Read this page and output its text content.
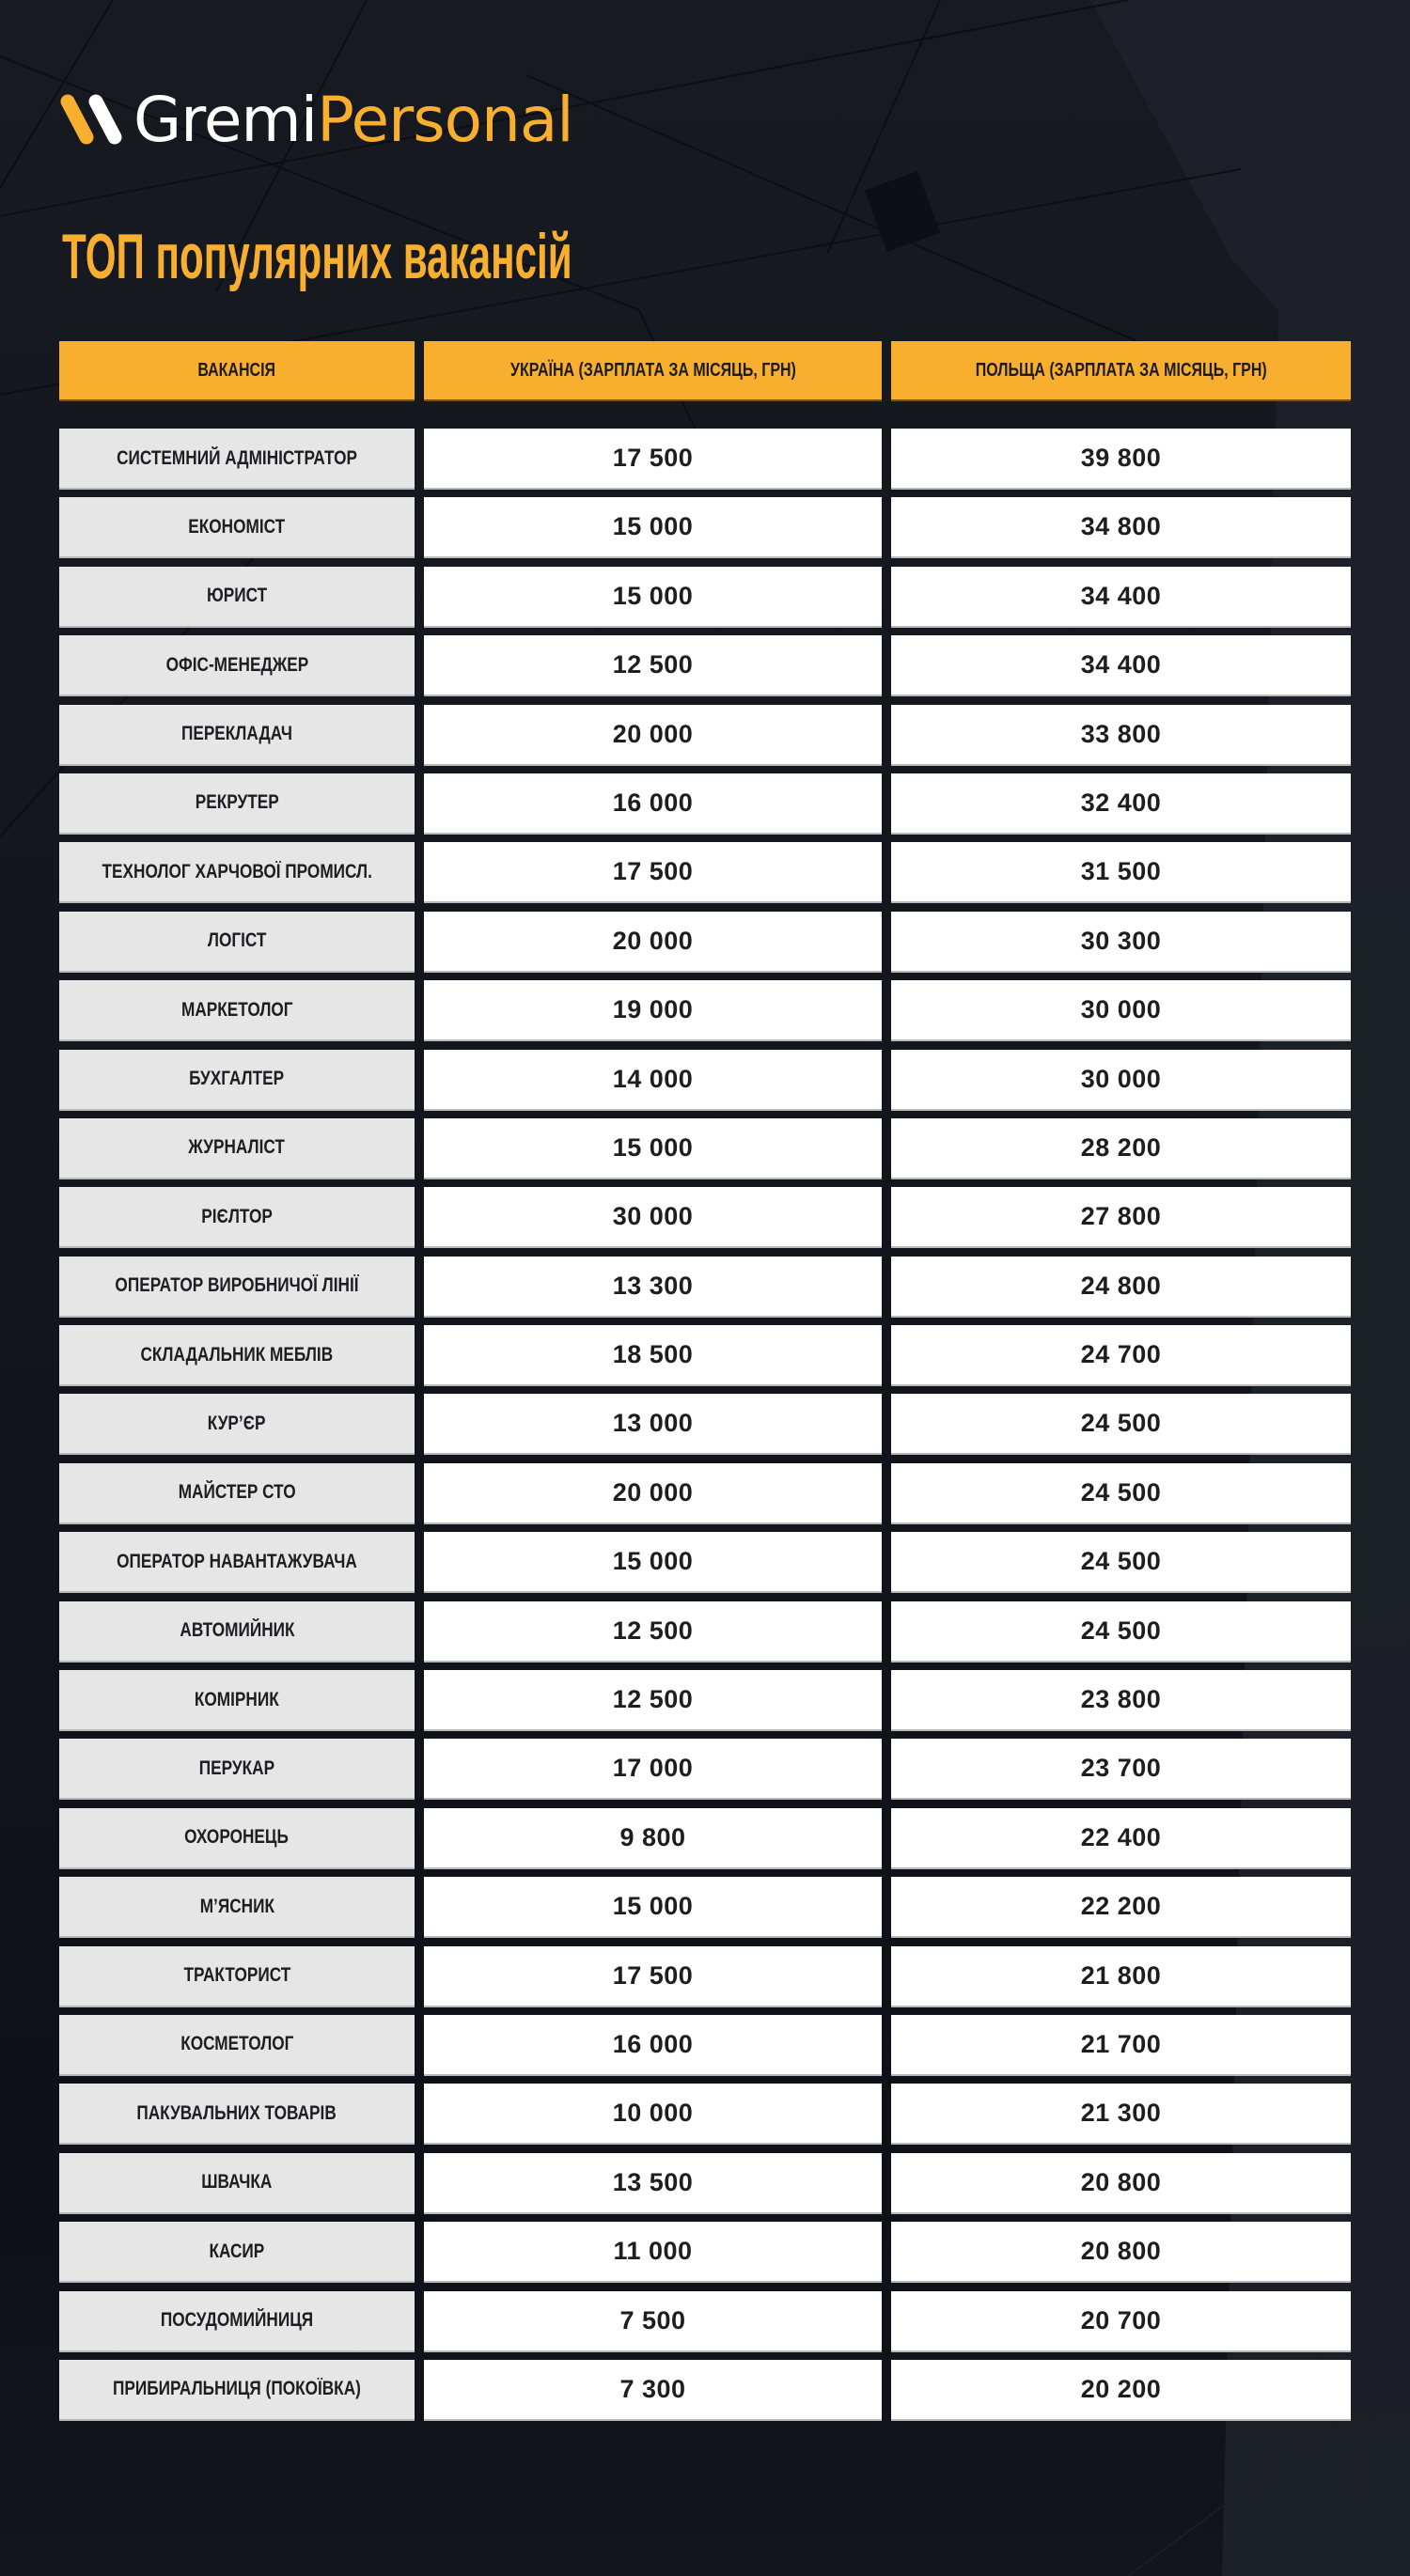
GremiPersonal
ТОП популярних вакансій
ВАКАНСІЯ	УКРАЇНА (ЗАРПЛАТА ЗА МІСЯЦЬ, ГРН)	ПОЛЬЩА (ЗАРПЛАТА ЗА МІСЯЦЬ, ГРН)
СИСТЕМНИЙ АДМІНІСТРАТОР	17 500	39 800
ЕКОНОМІСТ	15 000	34 800
ЮРИСТ	15 000	34 400
ОФІС-МЕНЕДЖЕР	12 500	34 400
ПЕРЕКЛАДАЧ	20 000	33 800
РЕКРУТЕР	16 000	32 400
ТЕХНОЛОГ ХАРЧОВОЇ ПРОМИСЛ.	17 500	31 500
ЛОГІСТ	20 000	30 300
МАРКЕТОЛОГ	19 000	30 000
БУХГАЛТЕР	14 000	30 000
ЖУРНАЛІСТ	15 000	28 200
РІЄЛТОР	30 000	27 800
ОПЕРАТОР ВИРОБНИЧОЇ ЛІНІЇ	13 300	24 800
СКЛАДАЛЬНИК МЕБЛІВ	18 500	24 700
КУР’ЄР	13 000	24 500
МАЙСТЕР СТО	20 000	24 500
ОПЕРАТОР НАВАНТАЖУВАЧА	15 000	24 500
АВТОМИЙНИК	12 500	24 500
КОМІРНИК	12 500	23 800
ПЕРУКАР	17 000	23 700
ОХОРОНЕЦЬ	9 800	22 400
М’ЯСНИК	15 000	22 200
ТРАКТОРИСТ	17 500	21 800
КОСМЕТОЛОГ	16 000	21 700
ПАКУВАЛЬНИХ ТОВАРІВ	10 000	21 300
ШВАЧКА	13 500	20 800
КАСИР	11 000	20 800
ПОСУДОМИЙНИЦЯ	7 500	20 700
ПРИБИРАЛЬНИЦЯ (ПОКОЇВКА)	7 300	20 200
